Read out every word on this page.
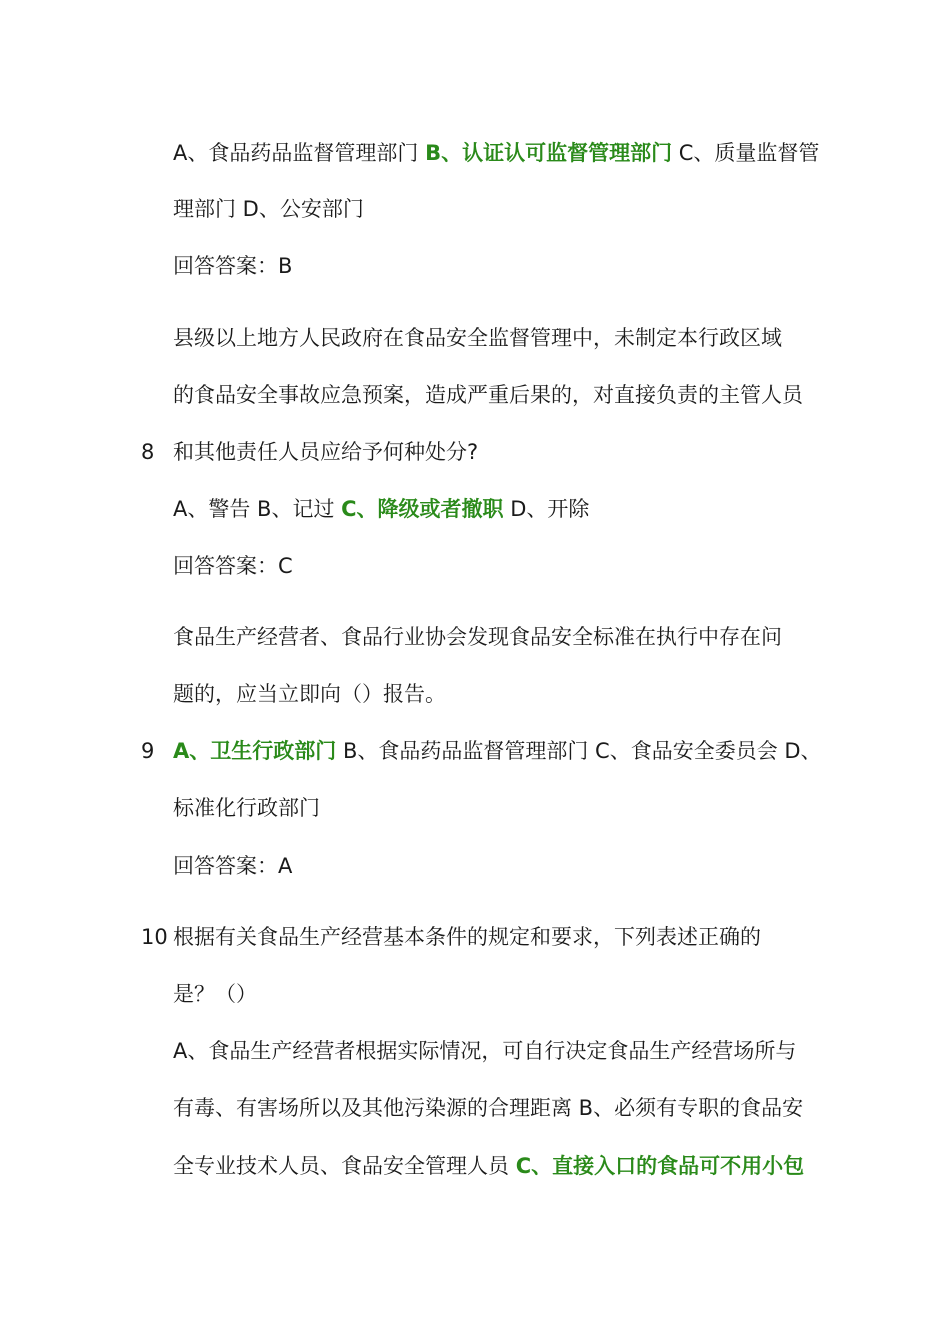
A、食品药品监督管理部门 B、认证认可监督管理部门 C、质量监督管
理部门 D、公安部门
回答答案：B
县级以上地方人民政府在食品安全监督管理中，未制定本行政区域
的食品安全事故应急预案，造成严重后果的，对直接负责的主管人员
8 和其他责任人员应给予何种处分?
A、警告 B、记过 C、降级或者撤职 D、开除
回答答案：C
食品生产经营者、食品行业协会发现食品安全标准在执行中存在问
题的，应当立即向（）报告。
9 A、卫生行政部门 B、食品药品监督管理部门 C、食品安全委员会 D、
标准化行政部门
回答答案：A
10 根据有关食品生产经营基本条件的规定和要求，下列表述正确的
是？（）
A、食品生产经营者根据实际情况，可自行决定食品生产经营场所与
有毒、有害场所以及其他污染源的合理距离 B、必须有专职的食品安
全专业技术人员、食品安全管理人员 C、直接入口的食品可不用小包
